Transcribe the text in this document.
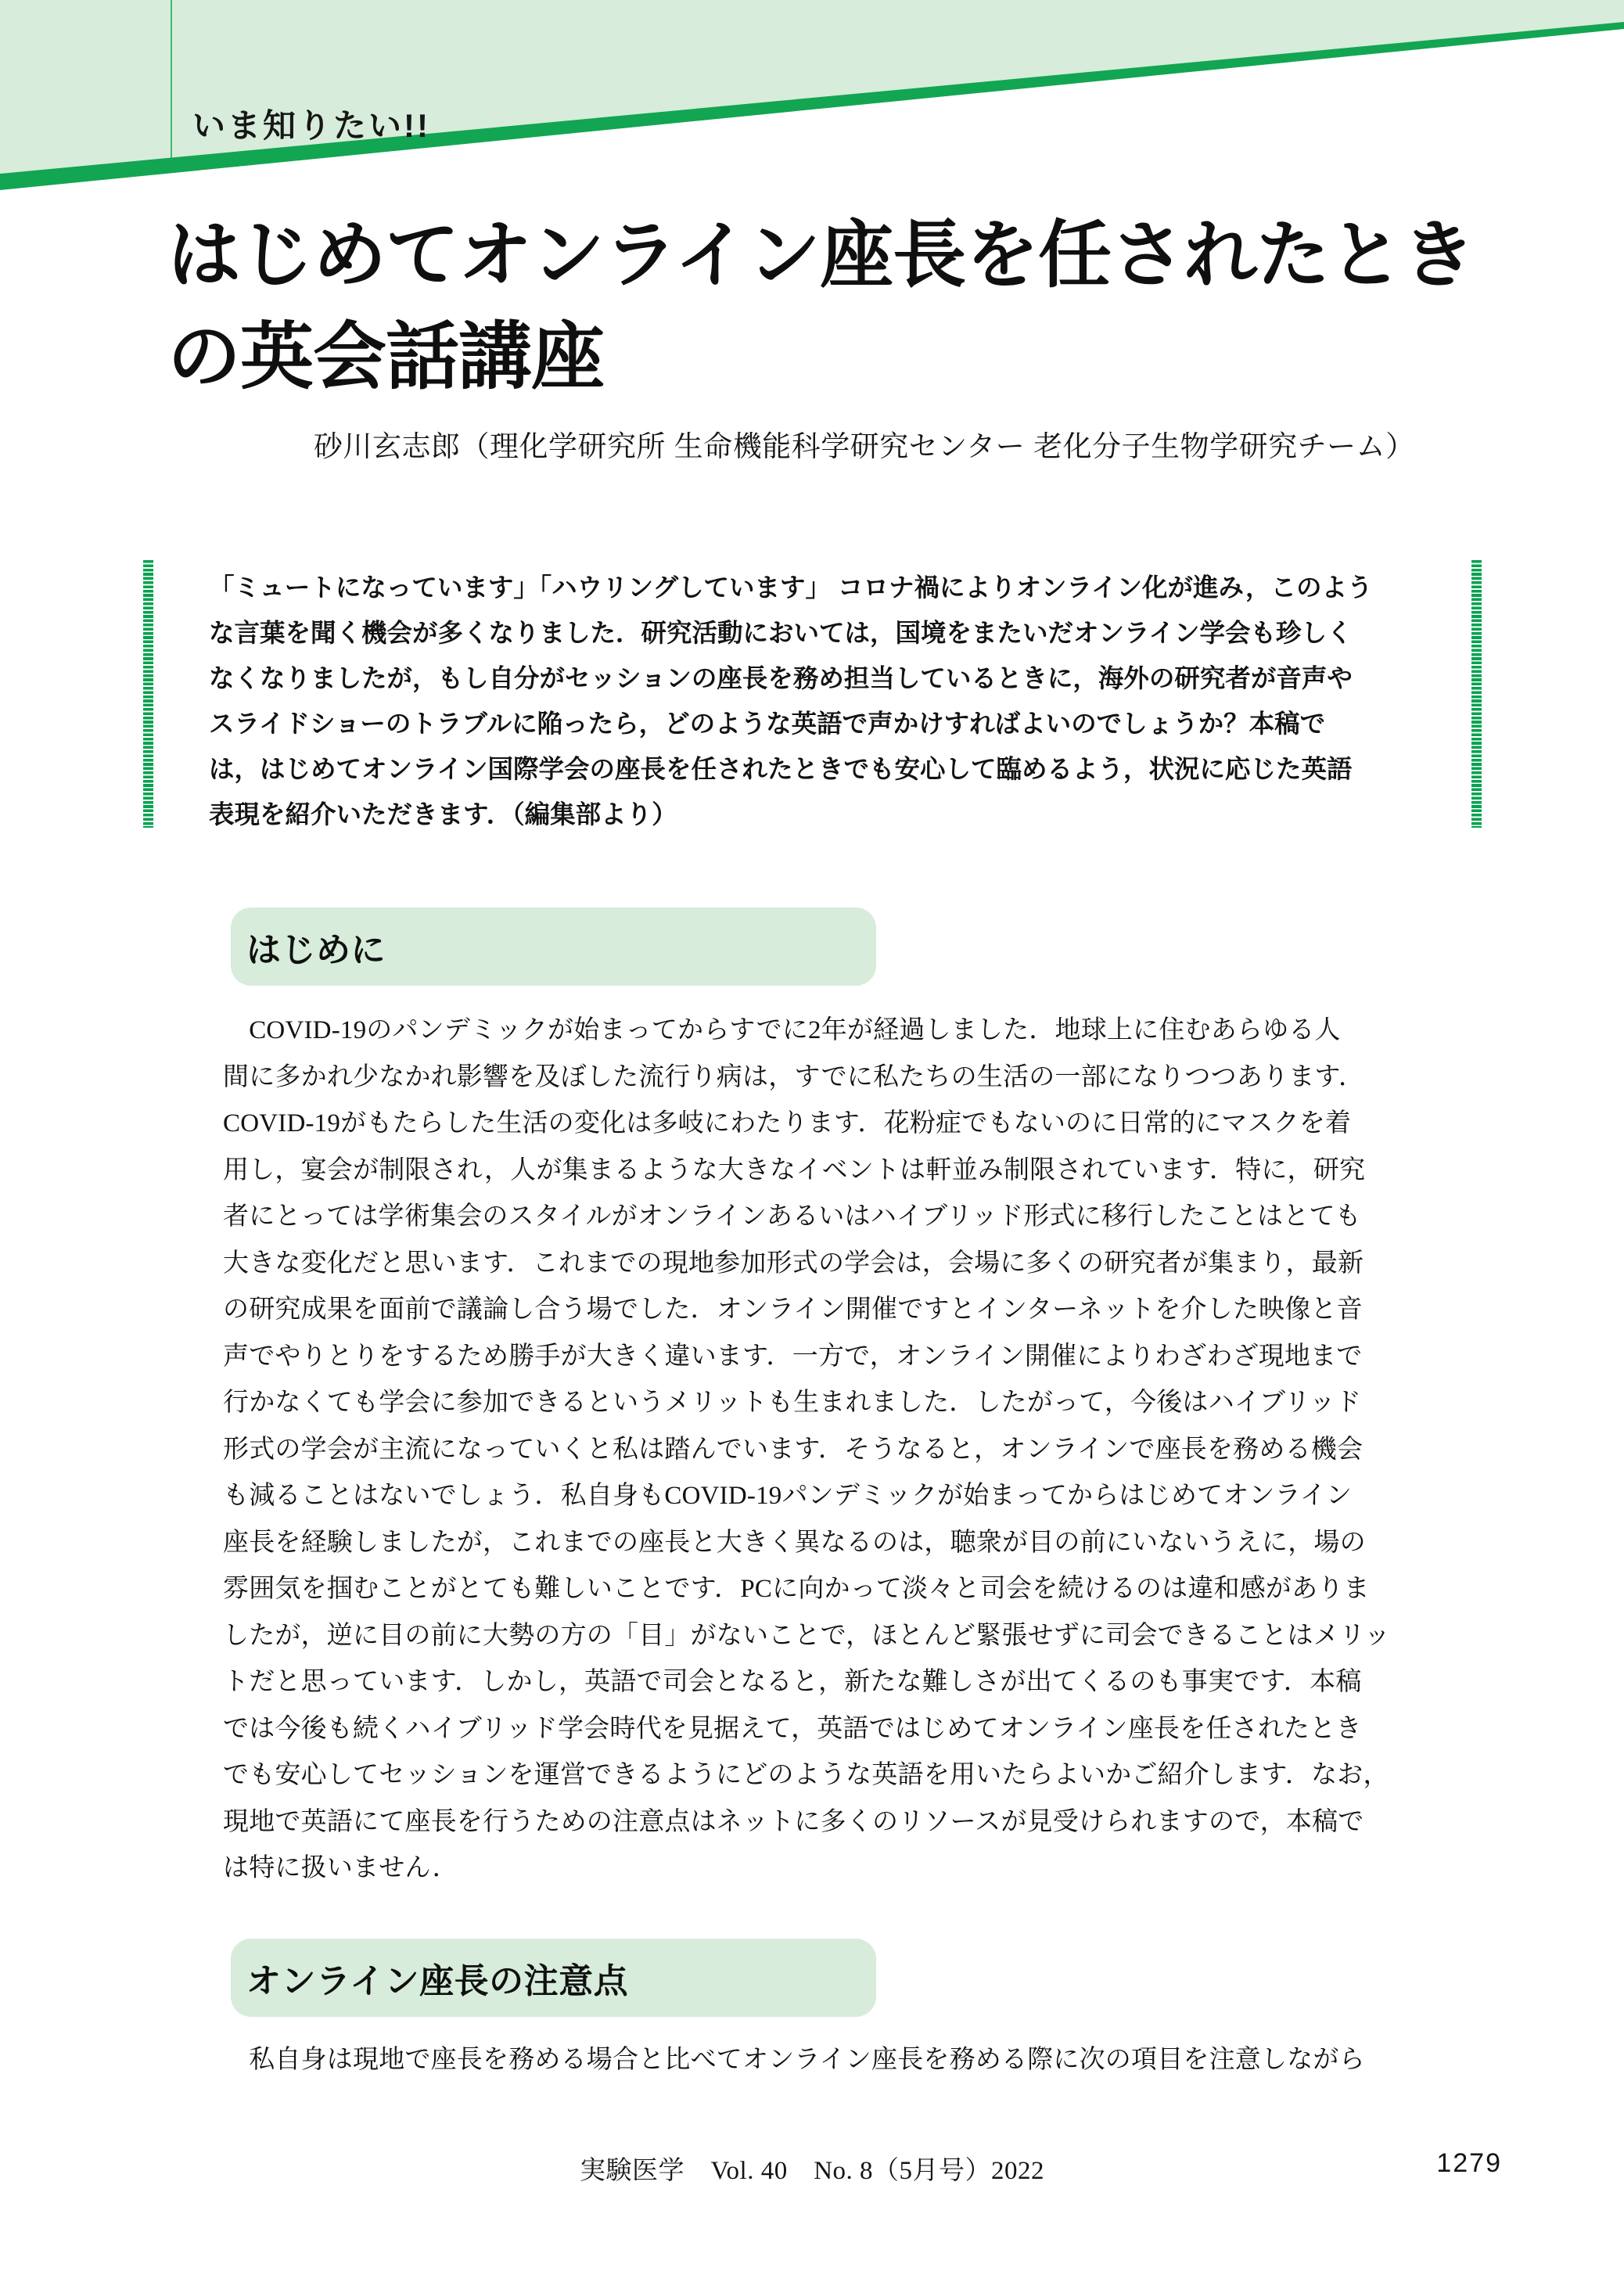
いま知りたい!!
はじめてオンライン座長を任されたとき
の英会話講座
砂川玄志郎（理化学研究所 生命機能科学研究センター 老化分子生物学研究チーム）
「ミュートになっています」「ハウリングしています」 コロナ禍によりオンライン化が進み，このよう
な言葉を聞く機会が多くなりました．研究活動においては，国境をまたいだオンライン学会も珍しく
なくなりましたが，もし自分がセッションの座長を務め担当しているときに，海外の研究者が音声や
スライドショーのトラブルに陥ったら，どのような英語で声かけすればよいのでしょうか？本稿で
は，はじめてオンライン国際学会の座長を任されたときでも安心して臨めるよう，状況に応じた英語
表現を紹介いただきます．（編集部より）
はじめに
　COVID-19のパンデミックが始まってからすでに2年が経過しました．地球上に住むあらゆる人
間に多かれ少なかれ影響を及ぼした流行り病は，すでに私たちの生活の一部になりつつあります．
COVID-19がもたらした生活の変化は多岐にわたります．花粉症でもないのに日常的にマスクを着
用し，宴会が制限され，人が集まるような大きなイベントは軒並み制限されています．特に，研究
者にとっては学術集会のスタイルがオンラインあるいはハイブリッド形式に移行したことはとても
大きな変化だと思います．これまでの現地参加形式の学会は，会場に多くの研究者が集まり，最新
の研究成果を面前で議論し合う場でした．オンライン開催ですとインターネットを介した映像と音
声でやりとりをするため勝手が大きく違います．一方で，オンライン開催によりわざわざ現地まで
行かなくても学会に参加できるというメリットも生まれました．したがって，今後はハイブリッド
形式の学会が主流になっていくと私は踏んでいます．そうなると，オンラインで座長を務める機会
も減ることはないでしょう．私自身もCOVID-19パンデミックが始まってからはじめてオンライン
座長を経験しましたが，これまでの座長と大きく異なるのは，聴衆が目の前にいないうえに，場の
雰囲気を掴むことがとても難しいことです．PCに向かって淡々と司会を続けるのは違和感がありま
したが，逆に目の前に大勢の方の「目」がないことで，ほとんど緊張せずに司会できることはメリッ
トだと思っています．しかし，英語で司会となると，新たな難しさが出てくるのも事実です．本稿
では今後も続くハイブリッド学会時代を見据えて，英語ではじめてオンライン座長を任されたとき
でも安心してセッションを運営できるようにどのような英語を用いたらよいかご紹介します．なお，
現地で英語にて座長を行うための注意点はネットに多くのリソースが見受けられますので，本稿で
は特に扱いません．
オンライン座長の注意点
　私自身は現地で座長を務める場合と比べてオンライン座長を務める際に次の項目を注意しながら
実験医学　Vol. 40　No. 8（5月号）2022	1279
